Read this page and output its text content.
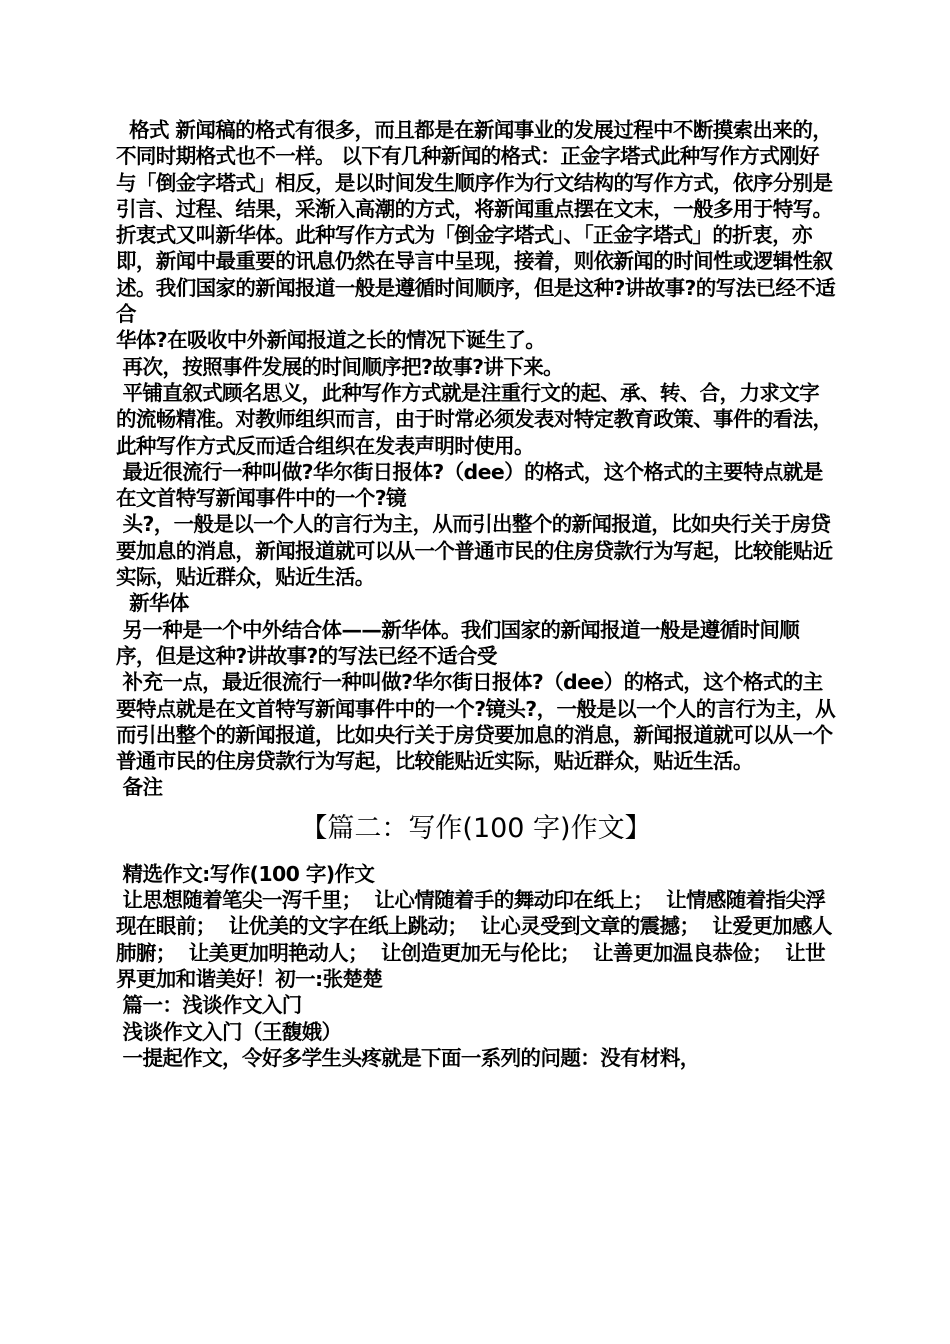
格式 新闻稿的格式有很多，而且都是在新闻事业的发展过程中不断摸索出来的，不同时期格式也不一样。 以下有几种新闻的格式：正金字塔式此种写作方式刚好与「倒金字塔式」相反，是以时间发生顺序作为行文结构的写作方式，依序分别是引言、过程、结果，采渐入高潮的方式，将新闻重点摆在文末，一般多用于特写。  折衷式又叫新华体。此种写作方式为「倒金字塔式」、「正金字塔式」的折衷，亦即，新闻中最重要的讯息仍然在导言中呈现，接着，则依新闻的时间性或逻辑性叙述。我们国家的新闻报道一般是遵循时间顺序，但是这种?讲故事?的写法已经不适合

华体?在吸收中外新闻报道之长的情况下诞生了。

再次，按照事件发展的时间顺序把?故事?讲下来。

平铺直叙式顾名思义，此种写作方式就是注重行文的起、承、转、合，力求文字的流畅精准。对教师组织而言，由于时常必须发表对特定教育政策、事件的看法，此种写作方式反而适合组织在发表声明时使用。

最近很流行一种叫做?华尔街日报体?（dee）的格式，这个格式的主要特点就是在文首特写新闻事件中的一个?镜

头?，一般是以一个人的言行为主，从而引出整个的新闻报道，比如央行关于房贷要加息的消息，新闻报道就可以从一个普通市民的住房贷款行为写起，比较能贴近实际，贴近群众，贴近生活。

新华体

另一种是一个中外结合体——新华体。我们国家的新闻报道一般是遵循时间顺序，但是这种?讲故事?的写法已经不适合受

补充一点，最近很流行一种叫做?华尔街日报体?（dee）的格式，这个格式的主要特点就是在文首特写新闻事件中的一个?镜头?，一般是以一个人的言行为主，从而引出整个的新闻报道，比如央行关于房贷要加息的消息，新闻报道就可以从一个普通市民的住房贷款行为写起，比较能贴近实际，贴近群众，贴近生活。

备注

【篇二：写作(100 字)作文】

精选作文:写作(100 字)作文

让思想随着笔尖一泻千里；  让心情随着手的舞动印在纸上；  让情感随着指尖浮现在眼前；  让优美的文字在纸上跳动；  让心灵受到文章的震撼；  让爱更加感人肺腑；  让美更加明艳动人；  让创造更加无与伦比；  让善更加温良恭俭；  让世界更加和谐美好！初一:张楚楚

篇一：浅谈作文入门

浅谈作文入门（王馥娥）

一提起作文，令好多学生头疼就是下面一系列的问题：没有材料，
